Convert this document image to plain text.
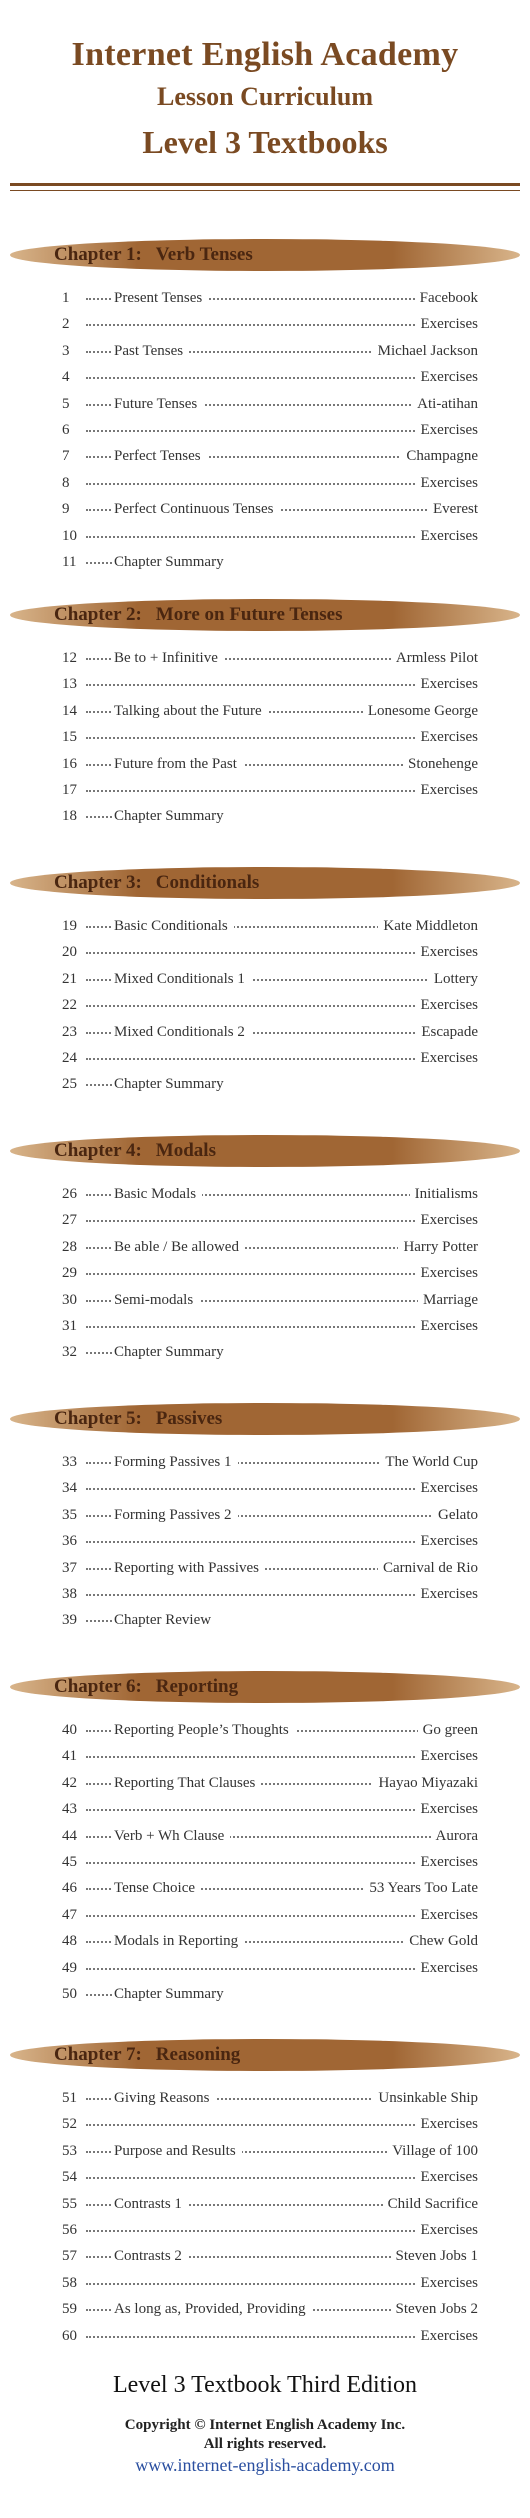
Internet English Academy
Lesson Curriculum
Level 3 Textbooks
Chapter 1: Verb Tenses
1	Present Tenses	Facebook
2	Exercises
3	Past Tenses	Michael Jackson
4	Exercises
5	Future Tenses	Ati-atihan
6	Exercises
7	Perfect Tenses	Champagne
8	Exercises
9	Perfect Continuous Tenses	Everest
10	Exercises
11	Chapter Summary
Chapter 2: More on Future Tenses
12 Be to + Infinitive	Armless Pilot
13	Exercises
14 Talking about the Future	Lonesome George
15	Exercises
16 Future from the Past	Stonehenge
17	Exercises
18 Chapter Summary
Chapter 3: Conditionals
19 Basic Conditionals	Kate Middleton
20	Exercises
21 Mixed Conditionals 1	Lottery
22	Exercises
23 Mixed Conditionals 2	Escapade
24	Exercises
25 Chapter Summary
Chapter 4: Modals
26 Basic Modals	Initialisms
27	Exercises
28 Be able / Be allowed	Harry Potter
29	Exercises
30 Semi-modals	Marriage
31	Exercises
32 Chapter Summary
Chapter 5: Passives
33 Forming Passives 1	The World Cup
34	Exercises
35 Forming Passives 2	Gelato
36	Exercises
37 Reporting with Passives	Carnival de Rio
38	Exercises
39 Chapter Review
Chapter 6: Reporting
40 Reporting People’s Thoughts	Go green
41	Exercises
42 Reporting That Clauses	Hayao Miyazaki
43	Exercises
44 Verb + Wh Clause	Aurora
45	Exercises
46 Tense Choice	53 Years Too Late
47	Exercises
48 Modals in Reporting	Chew Gold
49	Exercises
50 Chapter Summary
Chapter 7: Reasoning
51 Giving Reasons	Unsinkable Ship
52	Exercises
53 Purpose and Results	Village of 100
54	Exercises
55 Contrasts 1	Child Sacrifice
56	Exercises
57 Contrasts 2	Steven Jobs 1
58	Exercises
59 As long as, Provided, Providing	Steven Jobs 2
60	Exercises
Level 3 Textbook Third Edition
Copyright © Internet English Academy Inc.
All rights reserved.
www.internet-english-academy.com
